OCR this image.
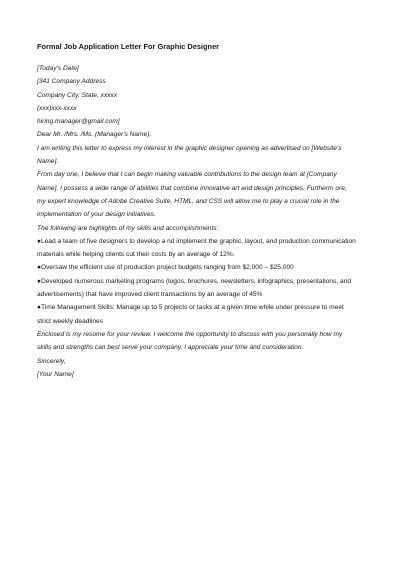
Formal Job Application Letter For Graphic Designer
[Today's Date]
[341 Company Address
Company City, State, xxxxx
(xxx)xxx-xxxx
hiring.manager@gmail.com]
Dear Mr. /Mrs. /Ms. (Manager's Name),
I am writing this letter to express my interest in the graphic designer opening as advertised on [Website's
Name].
From day one, I believe that I can begin making valuable contributions to the design team at [Company
Name]. I possess a wide range of abilities that combine innovative art and design principles. Furtherm ore,
my expert knowledge of Adobe Creative Suite, HTML, and CSS will allow me to play a crucial role in the
implementation of your design initiatives.
The following are highlights of my skills and accomplishments:
●Lead a team of five designers to develop a nd implement the graphic, layout, and production communication
materials while helping clients cut their costs by an average of 12%.
●Oversaw the efficient use of production project budgets ranging from $2,000 – $25,000
●Developed numerous marketing programs (logos, brochures, newsletters, infographics, presentations, and
advertisements) that have improved client transactions by an average of 45%
●Time Management Skills: Manage up to 5 projects or tasks at a given time while under pressure to meet
strict weekly deadlines
Enclosed is my resume for your review. I welcome the opportunity to discuss with you personally how my
skills and strengths can best serve your company. I appreciate your time and consideration.
Sincerely,
[Your Name]
